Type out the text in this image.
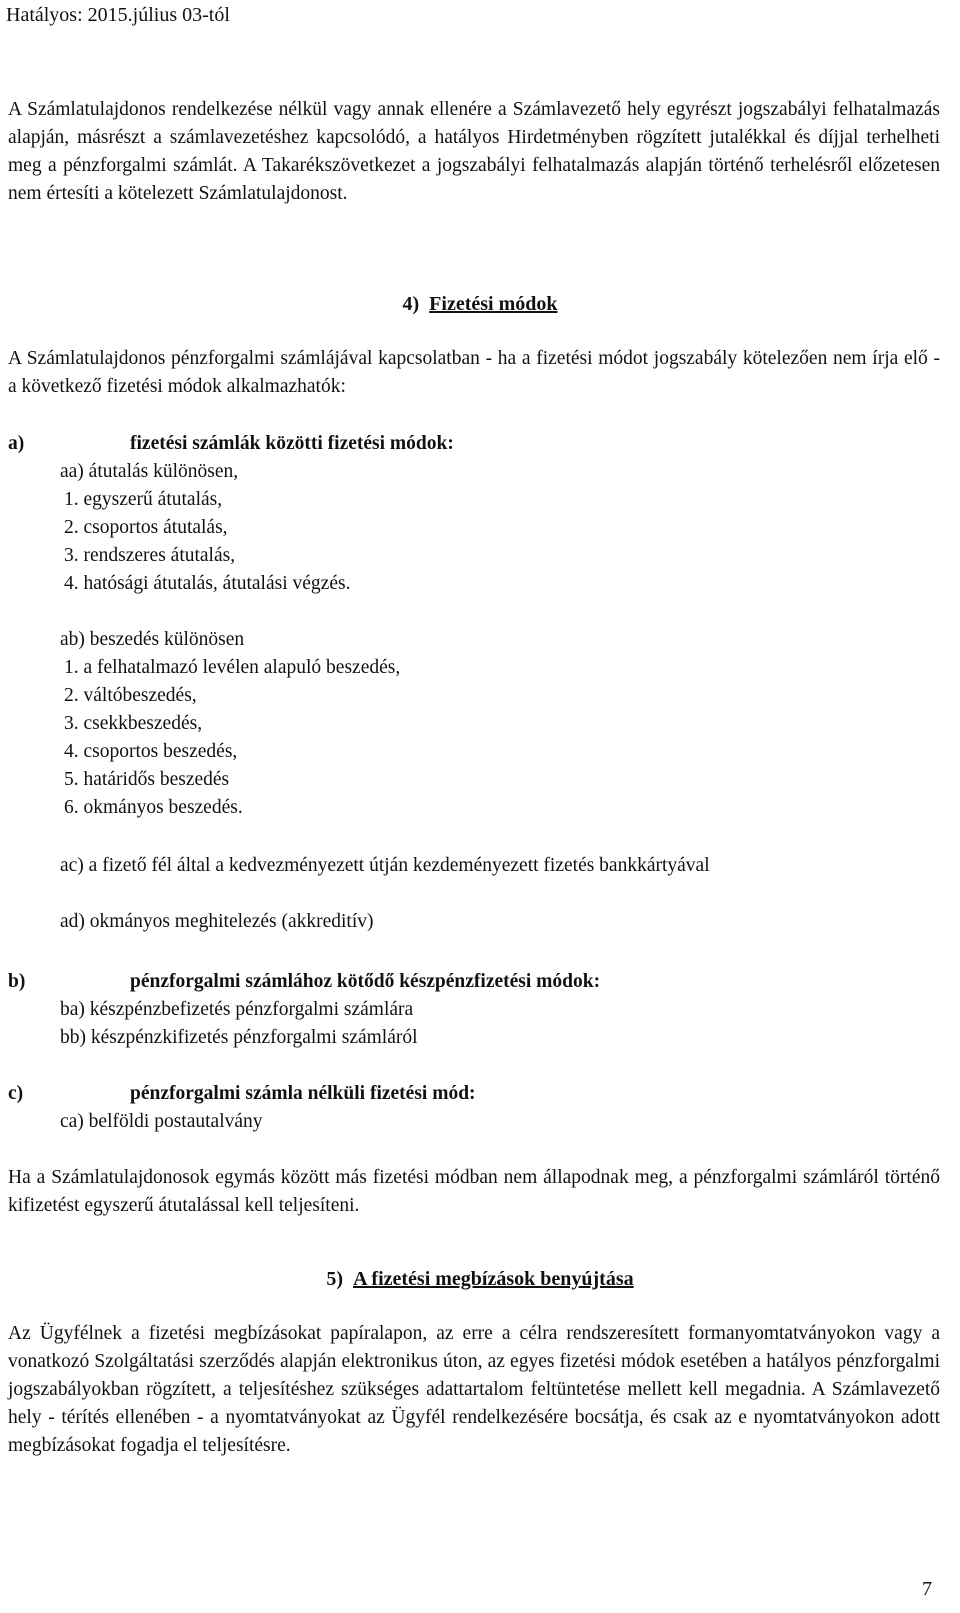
Hatályos: 2015.július 03-tól

A Számlatulajdonos rendelkezése nélkül vagy annak ellenére a Számlavezető hely egyrészt jogszabályi felhatalmazás alapján, másrészt a számlavezetéshez kapcsolódó, a hatályos Hirdetményben rögzített jutalékkal és díjjal terhelheti meg a pénzforgalmi számlát. A Takarékszövetkezet a jogszabályi felhatalmazás alapján történő terhelésről előzetesen nem értesíti a kötelezett Számlatulajdonost.

4) Fizetési módok

A Számlatulajdonos pénzforgalmi számlájával kapcsolatban - ha a fizetési módot jogszabály kötelezően nem írja elő - a következő fizetési módok alkalmazhatók:

a)	fizetési számlák közötti fizetési módok:
aa) átutalás különösen,
1. egyszerű átutalás,
2. csoportos átutalás,
3. rendszeres átutalás,
4. hatósági átutalás, átutalási végzés.
ab) beszedés különösen
1. a felhatalmazó levélen alapuló beszedés,
2. váltóbeszedés,
3. csekkbeszedés,
4. csoportos beszedés,
5. határidős beszedés
6. okmányos beszedés.
ac) a fizető fél által a kedvezményezett útján kezdeményezett fizetés bankkártyával
ad) okmányos meghitelezés (akkreditív)
b)	pénzforgalmi számlához kötődő készpénzfizetési módok:
ba) készpénzbefizetés pénzforgalmi számlára
bb) készpénzkifizetés pénzforgalmi számláról
c)	pénzforgalmi számla nélküli fizetési mód:
ca) belföldi postautalvány

Ha a Számlatulajdonosok egymás között más fizetési módban nem állapodnak meg, a pénzforgalmi számláról történő kifizetést egyszerű átutalással kell teljesíteni.

5) A fizetési megbízások benyújtása

Az Ügyfélnek a fizetési megbízásokat papíralapon, az erre a célra rendszeresített formanyomtatványokon vagy a vonatkozó Szolgáltatási szerződés alapján elektronikus úton, az egyes fizetési módok esetében a hatályos pénzforgalmi jogszabályokban rögzített, a teljesítéshez szükséges adattartalom feltüntetése mellett kell megadnia. A Számlavezető hely - térítés ellenében - a nyomtatványokat az Ügyfél rendelkezésére bocsátja, és csak az e nyomtatványokon adott megbízásokat fogadja el teljesítésre.

7
